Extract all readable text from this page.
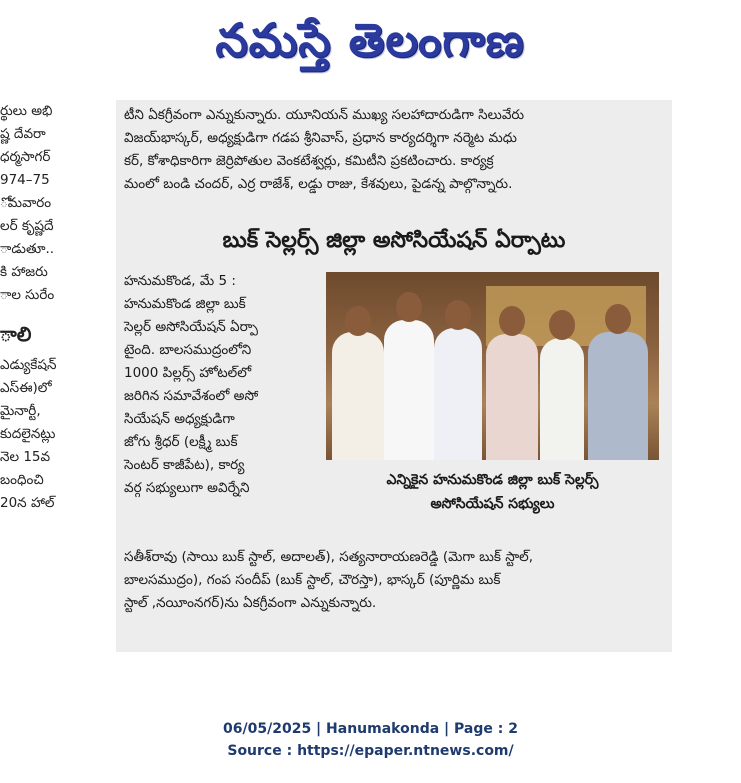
నమస్తే తెలంగాణ
ర్థులు అభి
ష్ణ దేవరా
ధర్మసాగర్
974–75
ోమవారం
లర్ కృష్ణదే
ాడుతూ..
కి హాజరు
ాల సురేం
ాలి
ఎడ్యుకేషన్
ఎస్ఈ)లో
మైనార్టీ,
కుదలైనట్లు
నెల 15వ
బంధించి
20న హాల్
టీని ఏకగ్రీవంగా ఎన్నుకున్నారు. యూనియన్ ముఖ్య సలహాదారుడిగా సిలువేరు
విజయ్‌భాస్కర్, అధ్యక్షుడిగా గడప శ్రీనివాస్, ప్రధాన కార్యదర్శిగా నర్మెట మధు
కర్, కోశాధికారిగా జెర్రిపోతుల వెంకటేశ్వర్లు, కమిటీని ప్రకటించారు. కార్యక్ర
మంలో బండి చందర్, ఎర్ర రాజేశ్, లడ్డు రాజు, కేశవులు, పైడన్న పాల్గొన్నారు.
బుక్ సెల్లర్స్ జిల్లా అసోసియేషన్ ఏర్పాటు
హనుమకొండ, మే 5 :
హనుమకొండ జిల్లా బుక్
సెల్లర్ అసోసియేషన్ ఏర్పా
టైంది. బాలసముద్రంలోని
1000 పిల్లర్స్ హోటల్‌లో
జరిగిన సమావేశంలో అసో
సియేషన్ అధ్యక్షుడిగా
జోగు శ్రీధర్ (లక్ష్మీ బుక్
సెంటర్ కాజీపేట), కార్య
వర్గ సభ్యులుగా అవిర్నేని	ఎన్నికైన హనుమకొండ జిల్లా బుక్ సెల్లర్స్
అసోసియేషన్ సభ్యులు
సతీశ్‌రావు (సాయి బుక్ స్టాల్, అదాలత్), సత్యనారాయణరెడ్డి (మెగా బుక్ స్టాల్,
బాలసముద్రం), గంప సందీప్ (బుక్ స్టాల్, చౌరస్తా), భాస్కర్ (పూర్ణిమ బుక్
స్టాల్ ,నయీంనగర్)ను ఏకగ్రీవంగా ఎన్నుకున్నారు.
06/05/2025 | Hanumakonda | Page : 2
Source : https://epaper.ntnews.com/
